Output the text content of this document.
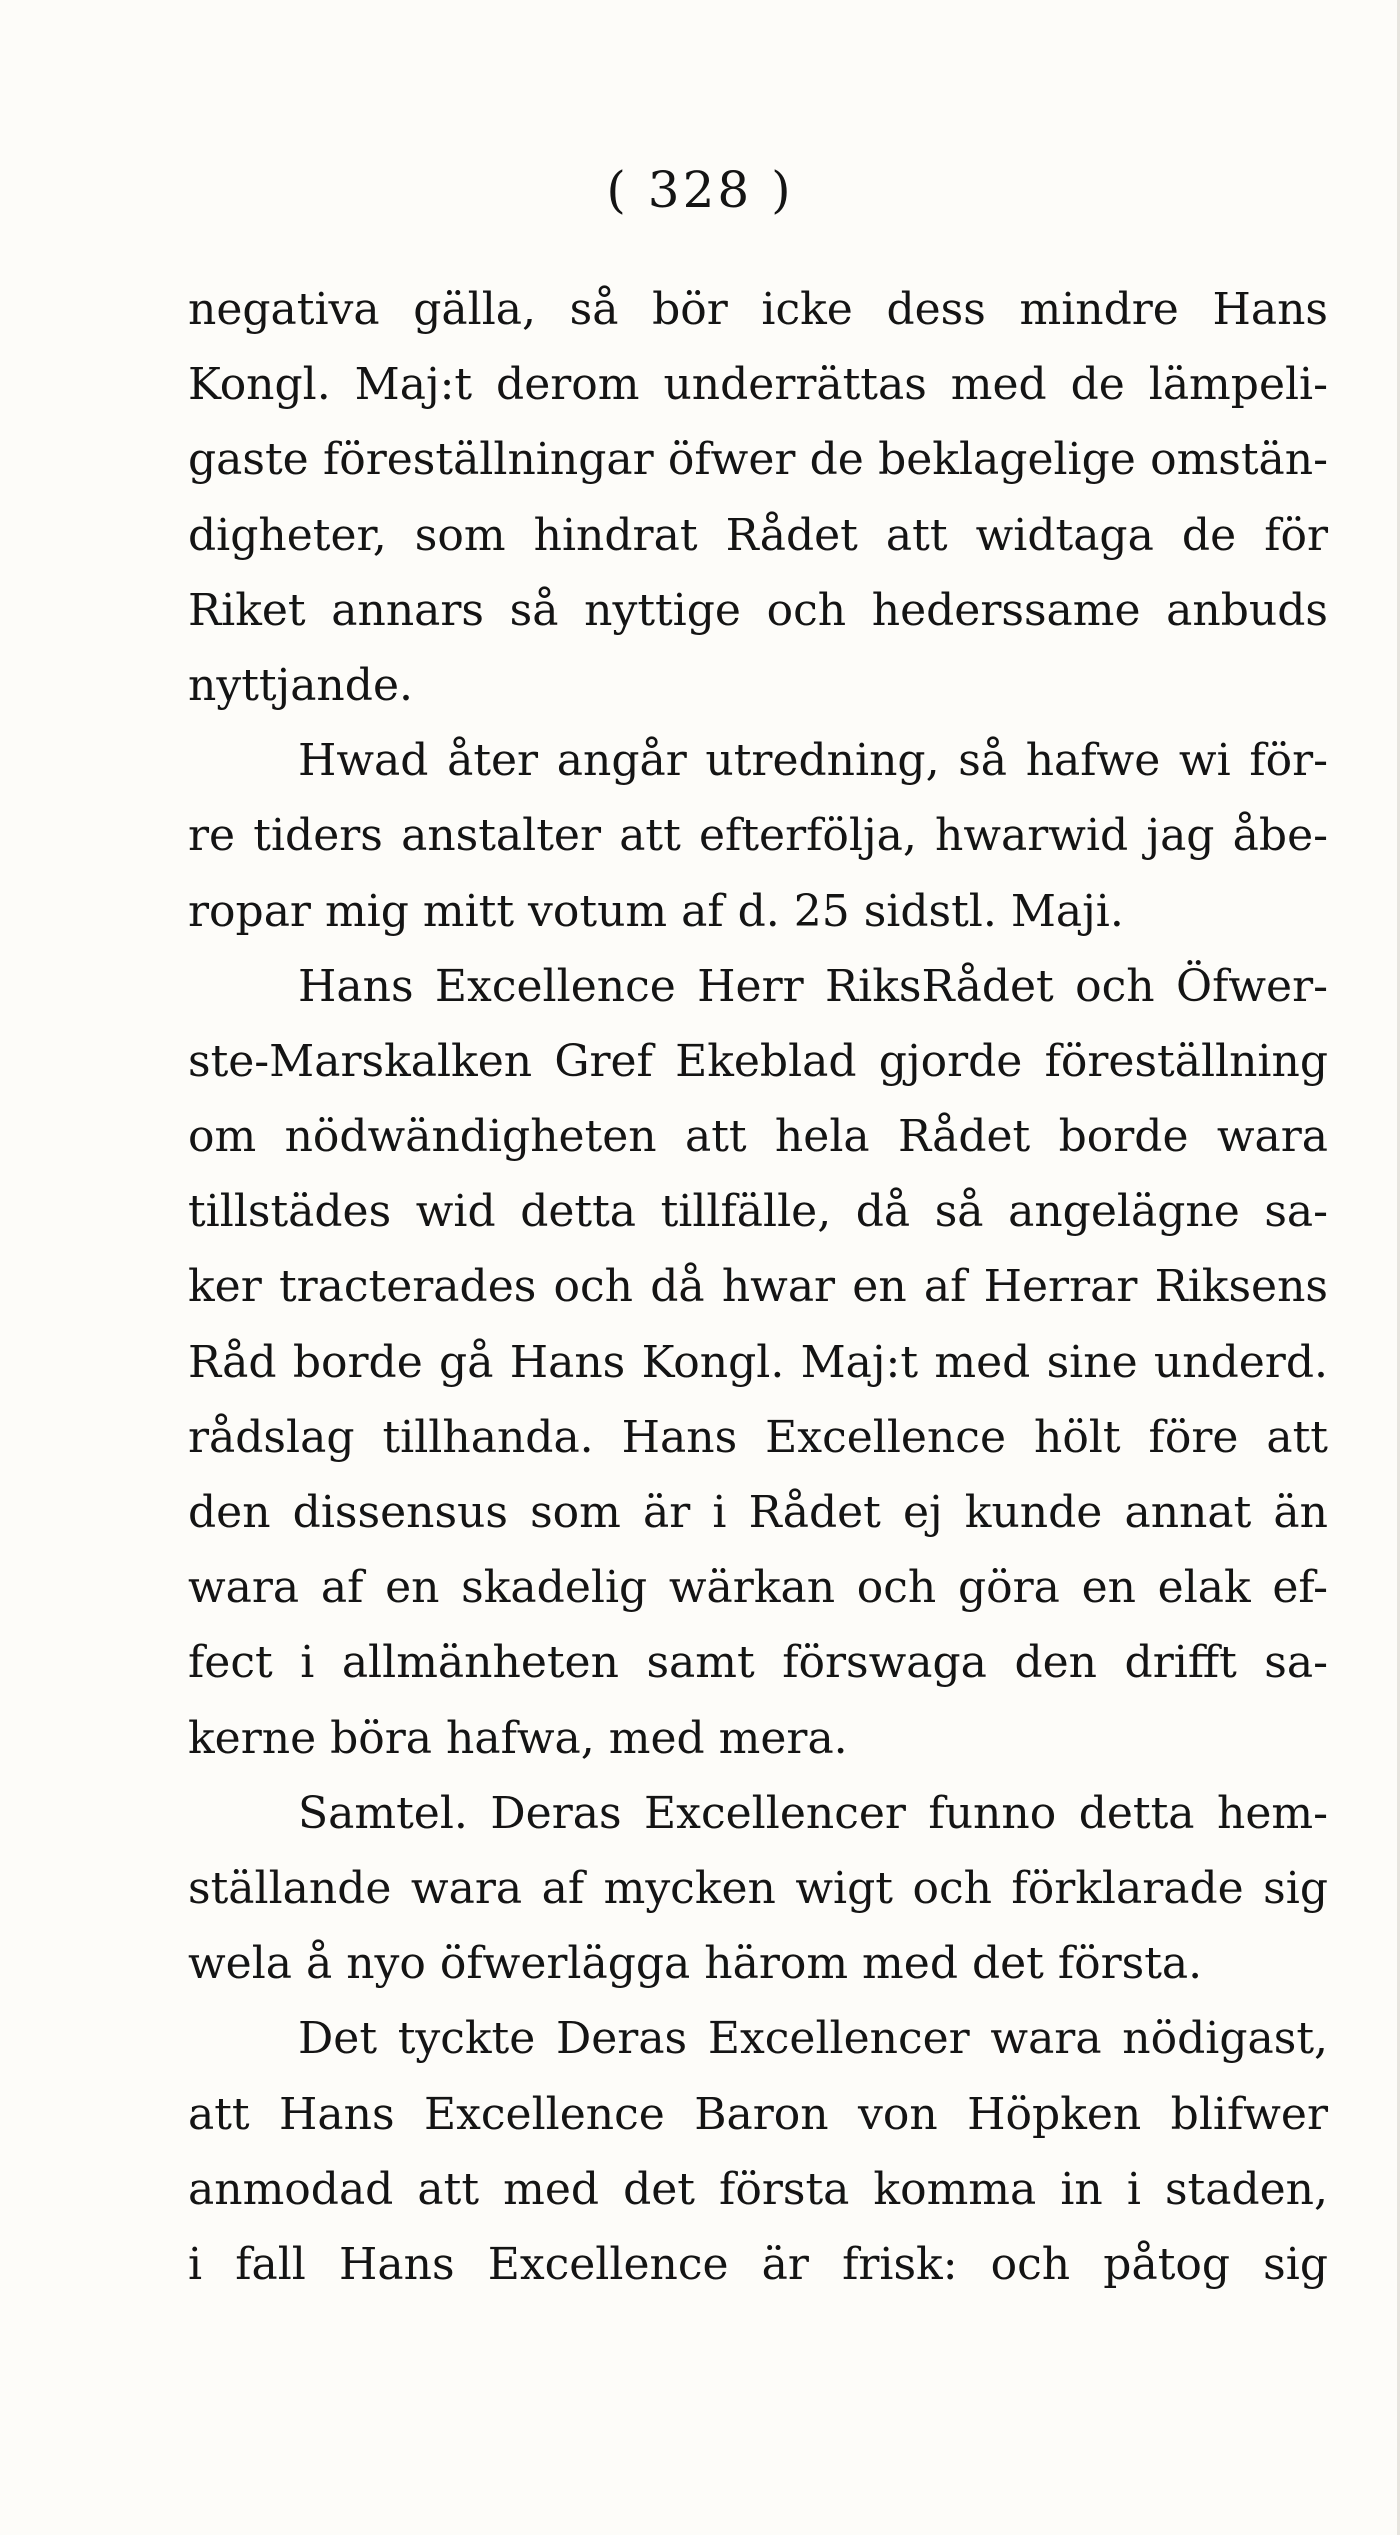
( 328 )
negativa gälla, så bör icke dess mindre Hans
Kongl. Maj:t derom underrättas med de lämpeli-
gaste föreställningar öfwer de beklagelige omstän-
digheter, som hindrat Rådet att widtaga de för
Riket annars så nyttige och hederssame anbuds
nyttjande.
Hwad åter angår utredning, så hafwe wi för-
re tiders anstalter att efterfölja, hwarwid jag åbe-
ropar mig mitt votum af d. 25 sidstl. Maji.
Hans Excellence Herr RiksRådet och Öfwer-
ste-Marskalken Gref Ekeblad gjorde föreställning
om nödwändigheten att hela Rådet borde wara
tillstädes wid detta tillfälle, då så angelägne sa-
ker tracterades och då hwar en af Herrar Riksens
Råd borde gå Hans Kongl. Maj:t med sine underd.
rådslag tillhanda. Hans Excellence hölt före att
den dissensus som är i Rådet ej kunde annat än
wara af en skadelig wärkan och göra en elak ef-
fect i allmänheten samt förswaga den drifft sa-
kerne böra hafwa, med mera.
Samtel. Deras Excellencer funno detta hem-
ställande wara af mycken wigt och förklarade sig
wela å nyo öfwerlägga härom med det första.
Det tyckte Deras Excellencer wara nödigast,
att Hans Excellence Baron von Höpken blifwer
anmodad att med det första komma in i staden,
i fall Hans Excellence är frisk: och påtog sig
